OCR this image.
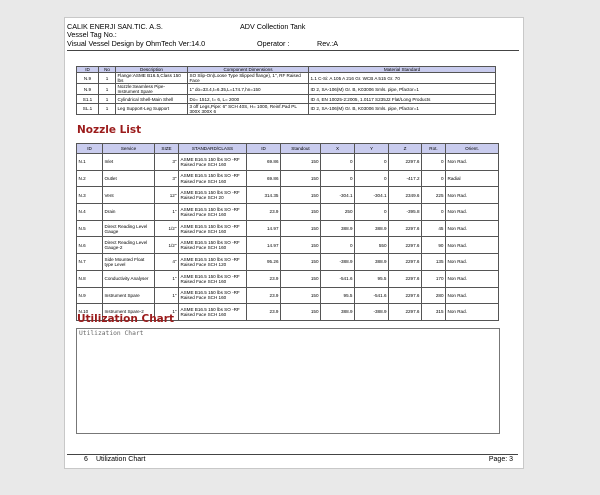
CALIK ENERJI SAN.TIC. A.S.	ADV Collection Tank
Vessel Tag No.:
Visual Vessel Design by OhmTech Ver:14.0	Operator :	Rev.:A
ID	No	Description	Component Dimensions	Material Standard
N.9	1	Flange:ASME B16.5,Class 150 lbs	SO Slip-On(Loose Type Slipped flange), 1", RF Raised Face	1.1 C-Si: A 105 A 216 Gr. WCB A 515 Gr. 70
N.9	1	Nozzle:Seamless Pipe-Instrument Spare	1" do=33.4,t=6.35,L=174.7,hn=150	ID 2, SA-106(M) Gr. B, K03006 Smls. pipe, Pfactor=1
S1.1	1	Cylindrical Shell-Main Shell	Do= 1512, t= 6, L= 2000	ID 4, EN 10025-2:2005, 1.0117 S235J2 Flat/Long Products
SL.1	1	Leg Support-Leg Support	3 off Legs,Pipe: 6" SCH 40S, H= 1000, Reinf.Pad PL 300X 300X 6	ID 2, SA-106(M) Gr. B, K03006 Smls. pipe, Pfactor=1
Nozzle List
ID	Service	SIZE	STANDARD/CLASS	ID	Standout	X	Y	Z	Rot.	Orient.
N.1	Inlet	3"	ASME B16.5 150 lbs SO -RF Raised Face SCH 160	69.86	150	0	0	2297.6	0	Non Rad.
N.2	Outlet	3"	ASME B16.5 150 lbs SO -RF Raised Face SCH 160	69.86	150	0	0	-417.2	0	Radial
N.3	Vent	12"	ASME B16.5 150 lbs SO -RF Raised Face SCH 20	314.35	150	-304.1	-304.1	2349.6	225	Non Rad.
N.4	Drain	1"	ASME B16.5 150 lbs SO -RF Raised Face SCH 160	23.9	150	250	0	-395.8	0	Non Rad.
N.5	Direct Reading Level Gauge	1/2"	ASME B16.5 150 lbs SO -RF Raised Face SCH 160	14.97	150	388.9	388.9	2297.6	45	Non Rad.
N.6	Direct Reading Level Gauge-2	1/2"	ASME B16.5 150 lbs SO -RF Raised Face SCH 160	14.97	150	0	550	2297.6	90	Non Rad.
N.7	Side Mounted Float type Level	4"	ASME B16.5 150 lbs SO -RF Raised Face SCH 120	95.26	150	-388.9	388.9	2297.6	135	Non Rad.
N.8	Conductivity Analyser	1"	ASME B16.5 150 lbs SO -RF Raised Face SCH 160	23.9	150	-541.6	95.5	2297.6	170	Non Rad.
N.9	Instrument Spare	1"	ASME B16.5 150 lbs SO -RF Raised Face SCH 160	23.9	150	95.5	-541.6	2297.6	280	Non Rad.
N.10	Instrument Spare-2	1"	ASME B16.5 150 lbs SO -RF Raised Face SCH 160	23.9	150	388.9	-388.9	2297.6	315	Non Rad.
Utilization Chart
Utilization Chart
6 Utilization Chart	Page: 3
